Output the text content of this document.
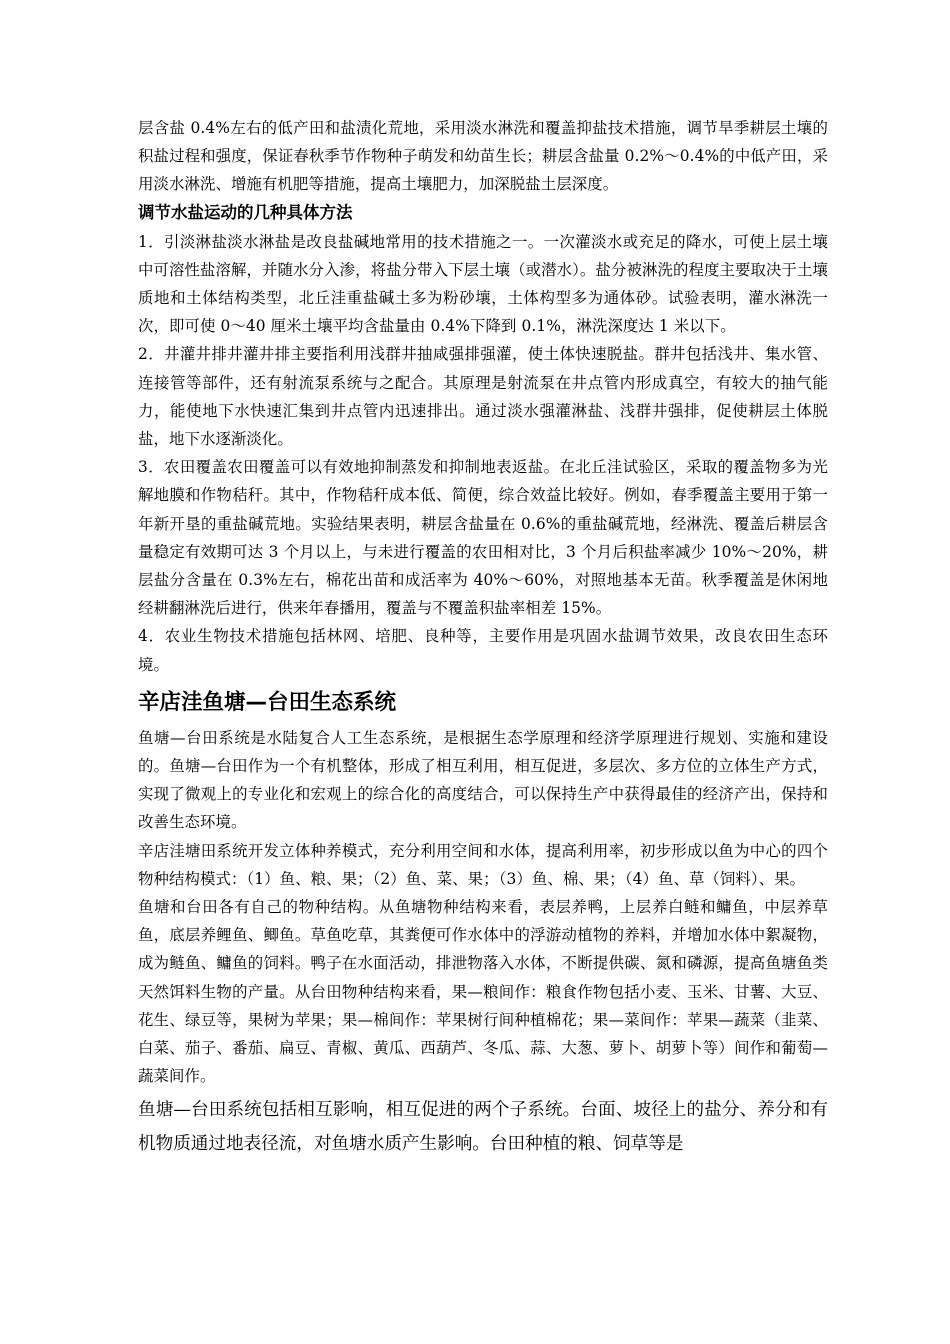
层含盐 0.4%左右的低产田和盐渍化荒地，采用淡水淋洗和覆盖抑盐技术措施，调节旱季耕层土壤的积盐过程和强度，保证春秋季节作物种子萌发和幼苗生长；耕层含盐量 0.2%～0.4%的中低产田，采用淡水淋洗、增施有机肥等措施，提高土壤肥力，加深脱盐土层深度。

调节水盐运动的几种具体方法

1．引淡淋盐淡水淋盐是改良盐碱地常用的技术措施之一。一次灌淡水或充足的降水，可使上层土壤中可溶性盐溶解，并随水分入渗，将盐分带入下层土壤（或潜水）。盐分被淋洗的程度主要取决于土壤质地和土体结构类型，北丘洼重盐碱土多为粉砂壤，土体构型多为通体砂。试验表明，灌水淋洗一次，即可使 0～40 厘米土壤平均含盐量由 0.4%下降到 0.1%，淋洗深度达 1 米以下。

2．井灌井排井灌井排主要指利用浅群井抽咸强排强灌，使土体快速脱盐。群井包括浅井、集水管、连接管等部件，还有射流泵系统与之配合。其原理是射流泵在井点管内形成真空，有较大的抽气能力，能使地下水快速汇集到井点管内迅速排出。通过淡水强灌淋盐、浅群井强排，促使耕层土体脱盐，地下水逐渐淡化。

3．农田覆盖农田覆盖可以有效地抑制蒸发和抑制地表返盐。在北丘洼试验区，采取的覆盖物多为光解地膜和作物秸秆。其中，作物秸秆成本低、简便，综合效益比较好。例如，春季覆盖主要用于第一年新开垦的重盐碱荒地。实验结果表明，耕层含盐量在 0.6%的重盐碱荒地，经淋洗、覆盖后耕层含量稳定有效期可达 3 个月以上，与未进行覆盖的农田相对比，3 个月后积盐率减少 10%～20%，耕层盐分含量在 0.3%左右，棉花出苗和成活率为 40%～60%，对照地基本无苗。秋季覆盖是休闲地经耕翻淋洗后进行，供来年春播用，覆盖与不覆盖积盐率相差 15%。

4．农业生物技术措施包括林网、培肥、良种等，主要作用是巩固水盐调节效果，改良农田生态环境。

辛店洼鱼塘—台田生态系统

鱼塘—台田系统是水陆复合人工生态系统，是根据生态学原理和经济学原理进行规划、实施和建设的。鱼塘—台田作为一个有机整体，形成了相互利用，相互促进，多层次、多方位的立体生产方式，实现了微观上的专业化和宏观上的综合化的高度结合，可以保持生产中获得最佳的经济产出，保持和改善生态环境。

辛店洼塘田系统开发立体种养模式，充分利用空间和水体，提高利用率，初步形成以鱼为中心的四个物种结构模式：（1）鱼、粮、果；（2）鱼、菜、果；（3）鱼、棉、果；（4）鱼、草（饲料）、果。

鱼塘和台田各有自己的物种结构。从鱼塘物种结构来看，表层养鸭，上层养白鲢和鳙鱼，中层养草鱼，底层养鲤鱼、鲫鱼。草鱼吃草，其粪便可作水体中的浮游动植物的养料，并增加水体中絮凝物，成为鲢鱼、鳙鱼的饲料。鸭子在水面活动，排泄物落入水体，不断提供碳、氮和磷源，提高鱼塘鱼类天然饵料生物的产量。从台田物种结构来看，果—粮间作：粮食作物包括小麦、玉米、甘薯、大豆、花生、绿豆等，果树为苹果；果—棉间作：苹果树行间种植棉花；果—菜间作：苹果—蔬菜（韭菜、白菜、茄子、番茄、扁豆、青椒、黄瓜、西葫芦、冬瓜、蒜、大葱、萝卜、胡萝卜等）间作和葡萄—蔬菜间作。

鱼塘—台田系统包括相互影响，相互促进的两个子系统。台面、坡径上的盐分、养分和有机物质通过地表径流，对鱼塘水质产生影响。台田种植的粮、饲草等是
